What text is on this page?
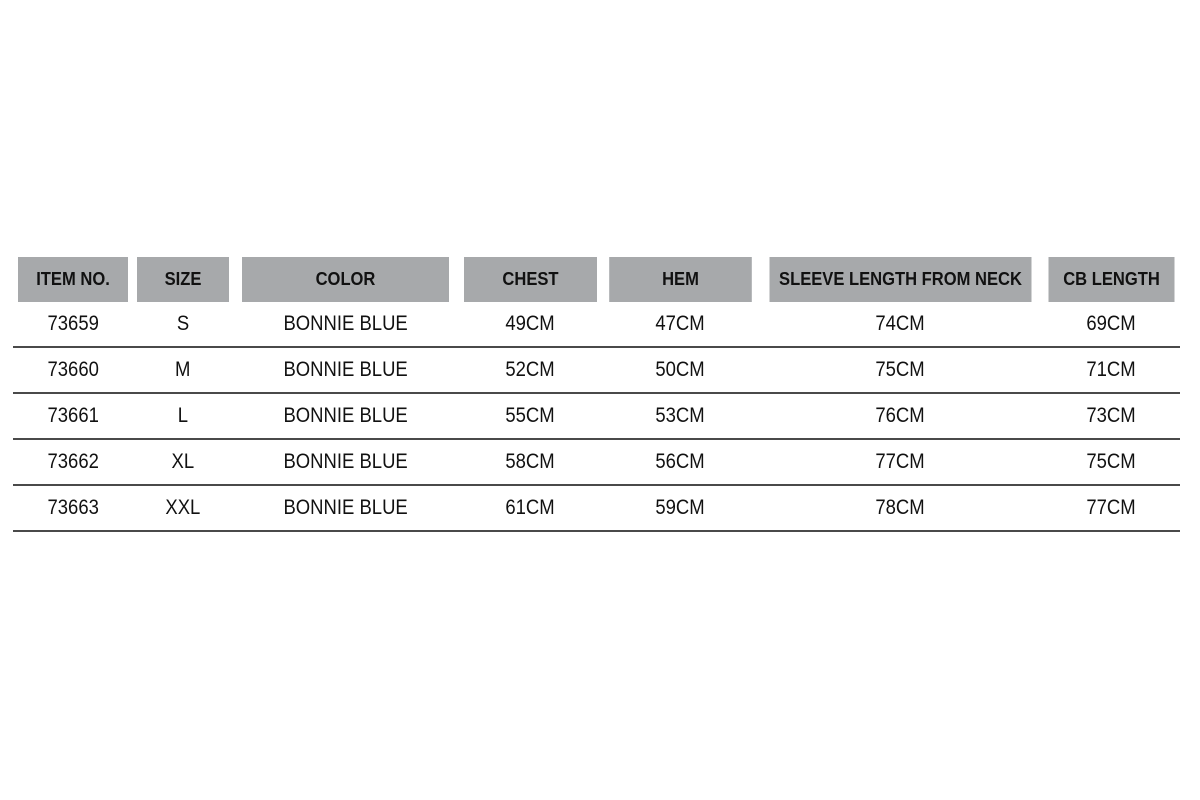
ITEM NO.	SIZE	COLOR	CHEST	HEM	SLEEVE LENGTH FROM NECK	CB LENGTH
73659	S	BONNIE BLUE	49CM	47CM	74CM	69CM
73660	M	BONNIE BLUE	52CM	50CM	75CM	71CM
73661	L	BONNIE BLUE	55CM	53CM	76CM	73CM
73662	XL	BONNIE BLUE	58CM	56CM	77CM	75CM
73663	XXL	BONNIE BLUE	61CM	59CM	78CM	77CM
